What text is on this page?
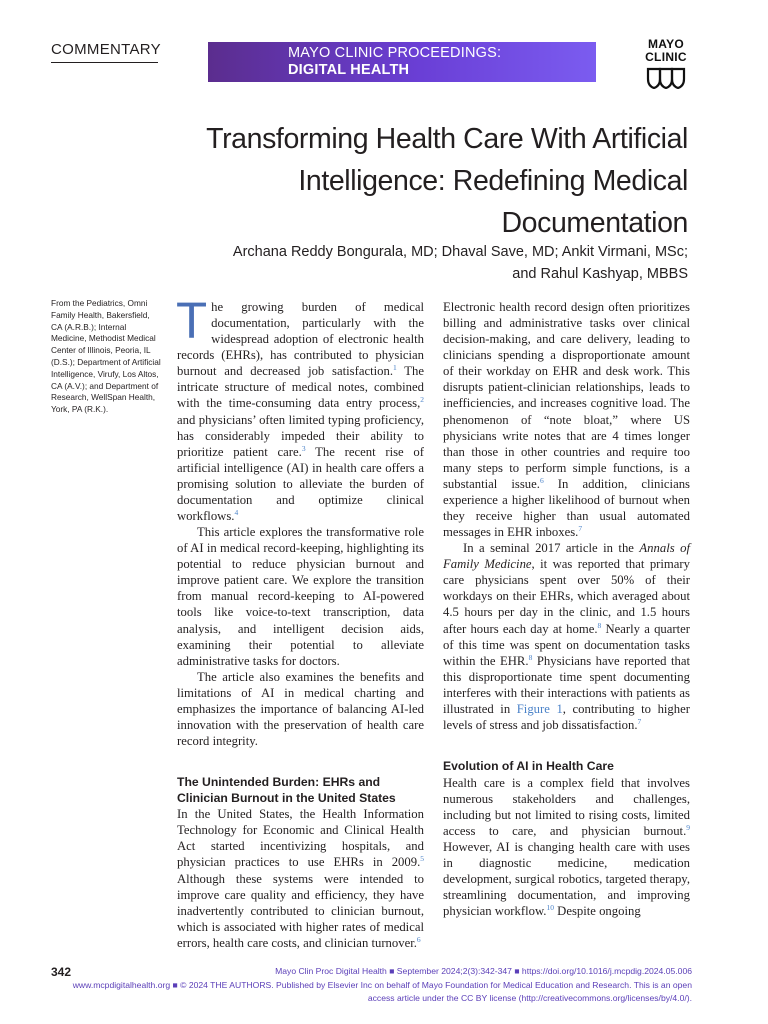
COMMENTARY	MAYO CLINIC PROCEEDINGS:
DIGITAL HEALTH
MAYO
CLINIC
Transforming Health Care With Artificial
Intelligence: Redefining Medical
Documentation
Archana Reddy Bongurala, MD; Dhaval Save, MD; Ankit Virmani, MSc;
and Rahul Kashyap, MBBS
From the Pediatrics, Omni Family Health, Bakersfield, CA (A.R.B.); Internal Medicine, Methodist Medical Center of Illinois, Peoria, IL (D.S.); Department of Artificial Intelligence, Virufy, Los Altos, CA (A.V.); and Department of Research, WellSpan Health, York, PA (R.K.).

The growing burden of medical documentation, particularly with the widespread adoption of electronic health records (EHRs), has contributed to physician burnout and decreased job satisfaction.$^1$ The intricate structure of medical notes, combined with the time-consuming data entry process,$^2$ and physicians’ often limited typing proficiency, has considerably impeded their ability to prioritize patient care.$^3$ The recent rise of artificial intelligence (AI) in health care offers a promising solution to alleviate the burden of documentation and optimize clinical workflows.$^4$

This article explores the transformative role of AI in medical record-keeping, highlighting its potential to reduce physician burnout and improve patient care. We explore the transition from manual record-keeping to AI-powered tools like voice-to-text transcription, data analysis, and intelligent decision aids, examining their potential to alleviate administrative tasks for doctors.

The article also examines the benefits and limitations of AI in medical charting and emphasizes the importance of balancing AI-led innovation with the preservation of health care record integrity.

The Unintended Burden: EHRs and Clinician Burnout in the United States

In the United States, the Health Information Technology for Economic and Clinical Health Act started incentivizing hospitals, and physician practices to use EHRs in 2009.$^5$ Although these systems were intended to improve care quality and efficiency, they have inadvertently contributed to clinician burnout, which is associated with higher rates of medical errors, health care costs, and clinician turnover.$^6$

Electronic health record design often prioritizes billing and administrative tasks over clinical decision-making, and care delivery, leading to clinicians spending a disproportionate amount of their workday on EHR and desk work. This disrupts patient-clinician relationships, leads to inefficiencies, and increases cognitive load. The phenomenon of “note bloat,” where US physicians write notes that are 4 times longer than those in other countries and require too many steps to perform simple functions, is a substantial issue.$^6$ In addition, clinicians experience a higher likelihood of burnout when they receive higher than usual automated messages in EHR inboxes.$^7$

In a seminal 2017 article in the Annals of Family Medicine, it was reported that primary care physicians spent over 50% of their workdays on their EHRs, which averaged about 4.5 hours per day in the clinic, and 1.5 hours after hours each day at home.$^8$ Nearly a quarter of this time was spent on documentation tasks within the EHR.$^8$ Physicians have reported that this disproportionate time spent documenting interferes with their interactions with patients as illustrated in Figure 1, contributing to higher levels of stress and job dissatisfaction.$^7$

Evolution of AI in Health Care

Health care is a complex field that involves numerous stakeholders and challenges, including but not limited to rising costs, limited access to care, and physician burnout.$^9$ However, AI is changing health care with uses in diagnostic medicine, medication development, surgical robotics, targeted therapy, streamlining documentation, and improving physician workflow.$^{10}$ Despite ongoing

342	Mayo Clin Proc Digital Health ■ September 2024;2(3):342-347 ■ https://doi.org/10.1016/j.mcpdig.2024.05.006
www.mcpdigitalhealth.org ■ © 2024 THE AUTHORS. Published by Elsevier Inc on behalf of Mayo Foundation for Medical Education and Research. This is an open
access article under the CC BY license (http://creativecommons.org/licenses/by/4.0/).
